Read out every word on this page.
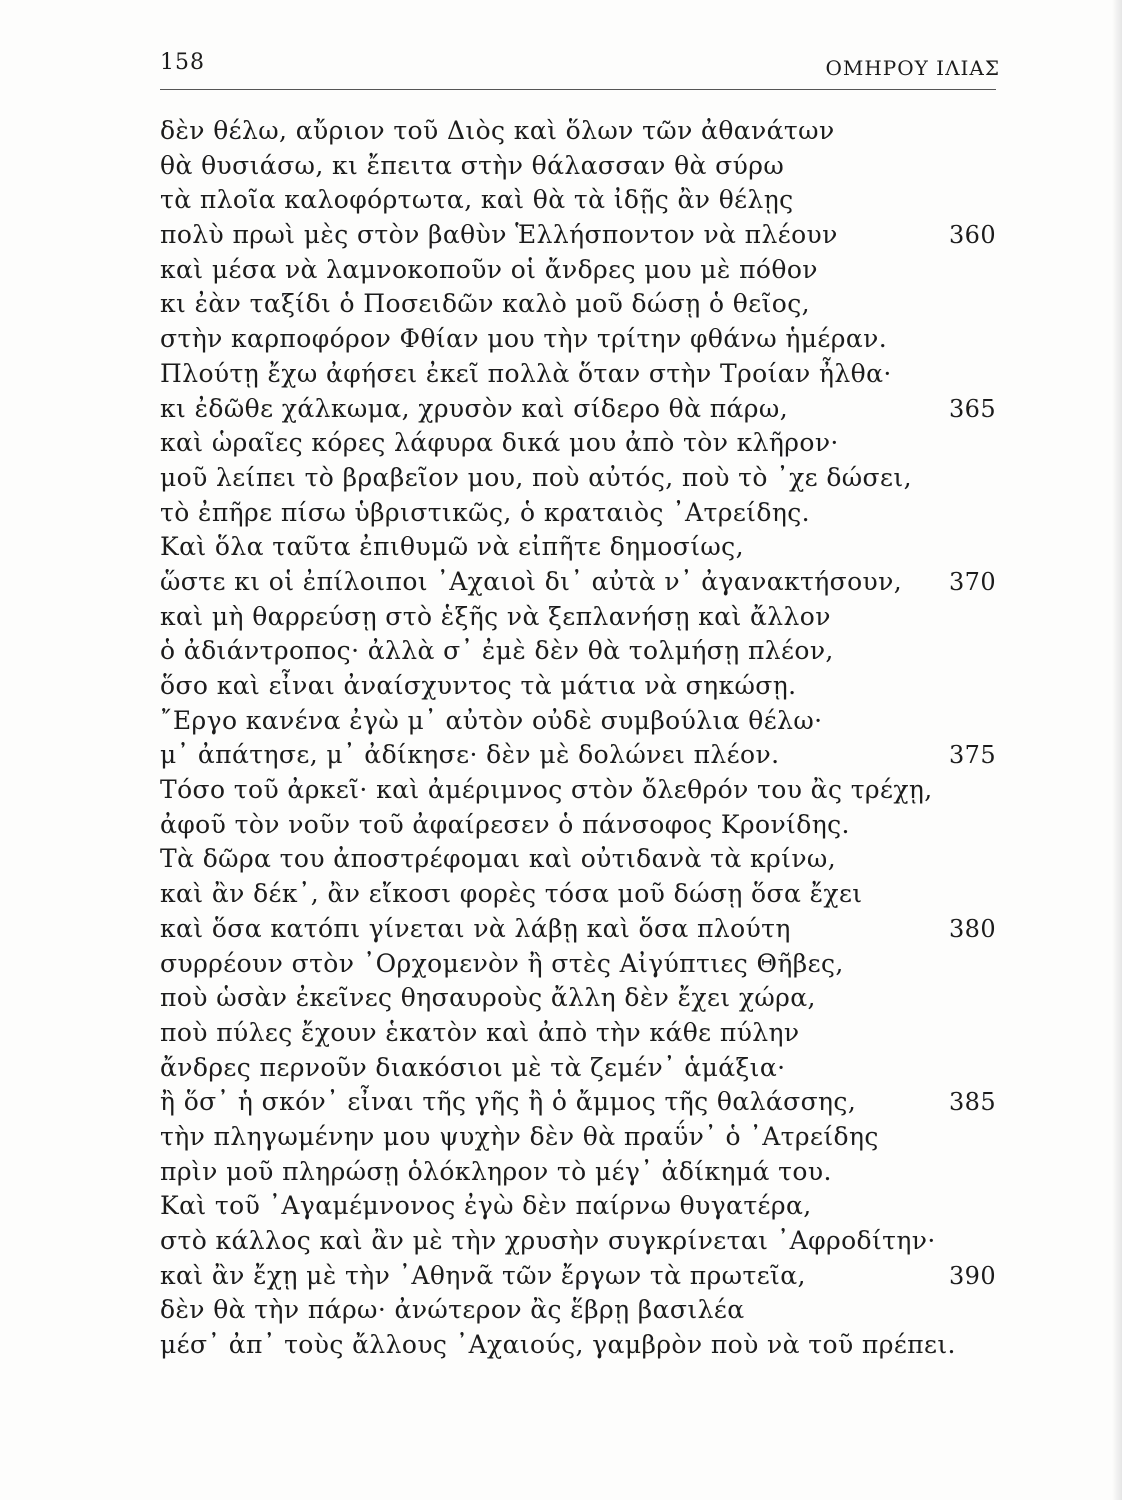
158	ΟΜΗΡΟΥ ΙΛΙΑΣ
δὲν θέλω, αὔριον τοῦ Διὸς καὶ ὅλων τῶν ἀθανάτων
θὰ θυσιάσω, κι ἔπειτα στὴν θάλασσαν θὰ σύρω
τὰ πλοῖα καλοφόρτωτα, καὶ θὰ τὰ ἰδῇς ἂν θέλῃς
πολὺ πρωὶ μὲς στὸν βαθὺν Ἑλλήσποντον νὰ πλέουν	360
καὶ μέσα νὰ λαμνοκοποῦν οἱ ἄνδρες μου μὲ πόθον
κι ἐὰν ταξίδι ὁ Ποσειδῶν καλὸ μοῦ δώσῃ ὁ θεῖος,
στὴν καρποφόρον Φθίαν μου τὴν τρίτην φθάνω ἡμέραν.
Πλούτῃ ἔχω ἀφήσει ἐκεῖ πολλὰ ὅταν στὴν Τροίαν ἦλθα·
κι ἐδῶθε χάλκωμα, χρυσὸν καὶ σίδερο θὰ πάρω,	365
καὶ ὡραῖες κόρες λάφυρα δικά μου ἀπὸ τὸν κλῆρον·
μοῦ λείπει τὸ βραβεῖον μου, ποὺ αὐτός, ποὺ τὸ ᾽χε δώσει,
τὸ ἐπῆρε πίσω ὑβριστικῶς, ὁ κραταιὸς ᾽Ατρείδης.
Καὶ ὅλα ταῦτα ἐπιθυμῶ νὰ εἰπῆτε δημοσίως,
ὥστε κι οἱ ἐπίλοιποι ᾽Αχαιοὶ δι᾽ αὐτὰ ν᾽ ἀγανακτήσουν, 370
καὶ μὴ θαρρεύσῃ στὸ ἑξῆς νὰ ξεπλανήσῃ καὶ ἄλλον
ὁ ἀδιάντροπος· ἀλλὰ σ᾽ ἐμὲ δὲν θὰ τολμήσῃ πλέον,
ὅσο καὶ εἶναι ἀναίσχυντος τὰ μάτια νὰ σηκώσῃ.
῎Εργο κανένα ἐγὼ μ᾽ αὐτὸν οὐδὲ συμβούλια θέλω·
μ᾽ ἀπάτησε, μ᾽ ἀδίκησε· δὲν μὲ δολώνει πλέον.	375
Τόσο τοῦ ἀρκεῖ· καὶ ἀμέριμνος στὸν ὄλεθρόν του ἂς τρέχῃ,
ἀφοῦ τὸν νοῦν τοῦ ἀφαίρεσεν ὁ πάνσοφος Κρονίδης.
Τὰ δῶρα του ἀποστρέφομαι καὶ οὐτιδανὰ τὰ κρίνω,
καὶ ἂν δέκ᾽, ἂν εἴκοσι φορὲς τόσα μοῦ δώσῃ ὅσα ἔχει
καὶ ὅσα κατόπι γίνεται νὰ λάβῃ καὶ ὅσα πλούτη	380
συρρέουν στὸν ᾽Ορχομενὸν ἢ στὲς Αἰγύπτιες Θῆβες,
ποὺ ὡσὰν ἐκεῖνες θησαυροὺς ἄλλη δὲν ἔχει χώρα,
ποὺ πύλες ἔχουν ἑκατὸν καὶ ἀπὸ τὴν κάθε πύλην
ἄνδρες περνοῦν διακόσιοι μὲ τὰ ζεμέν᾽ ἁμάξια·
ἢ ὅσ᾽ ἡ σκόν᾽ εἶναι τῆς γῆς ἢ ὁ ἄμμος τῆς θαλάσσης,	385
τὴν πληγωμένην μου ψυχὴν δὲν θὰ πραΰν᾽ ὁ ᾽Ατρείδης
πρὶν μοῦ πληρώσῃ ὁλόκληρον τὸ μέγ᾽ ἀδίκημά του.
Καὶ τοῦ ᾽Αγαμέμνονος ἐγὼ δὲν παίρνω θυγατέρα,
στὸ κάλλος καὶ ἂν μὲ τὴν χρυσὴν συγκρίνεται ᾽Αφροδίτην·
καὶ ἂν ἔχῃ μὲ τὴν ᾽Αθηνᾶ τῶν ἔργων τὰ πρωτεῖα,	390
δὲν θὰ τὴν πάρω· ἀνώτερον ἂς ἕβρῃ βασιλέα
μέσ᾽ ἀπ᾽ τοὺς ἄλλους ᾽Αχαιούς, γαμβρὸν ποὺ νὰ τοῦ πρέπει.
